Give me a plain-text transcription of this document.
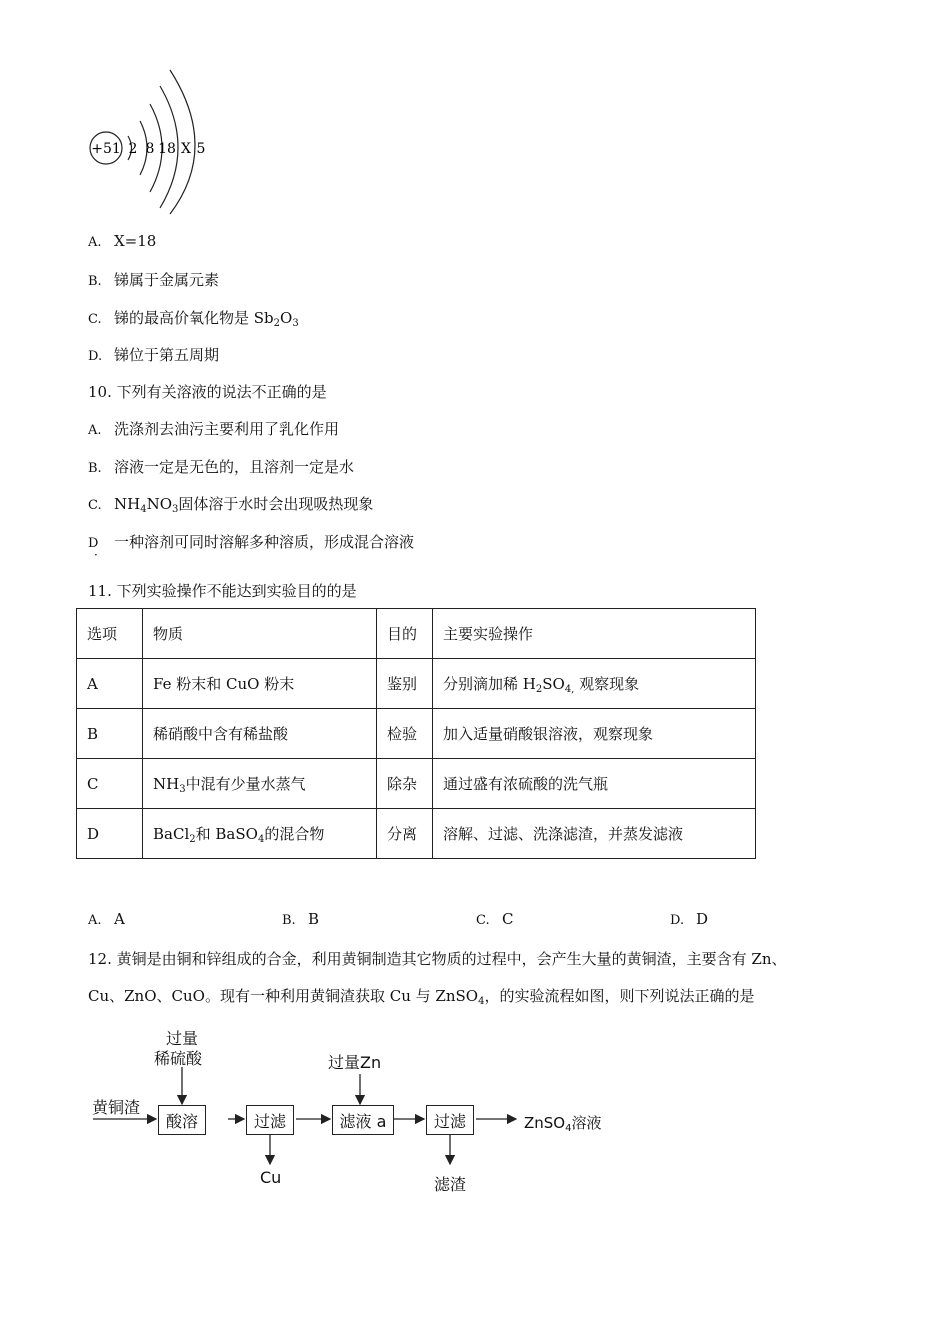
+51 2 8 18 X 5
A. X=18
B. 锑属于金属元素
C. 锑的最高价氧化物是 $Sb_2O_3$
D. 锑位于第五周期
10. 下列有关溶液的说法不正确的是
A. 洗涤剂去油污主要利用了乳化作用
B. 溶液一定是无色的，且溶剂一定是水
C. $NH_4NO_3$固体溶于水时会出现吸热现象
D 一种溶剂可同时溶解多种溶质，形成混合溶液
·
11. 下列实验操作不能达到实验目的的是
选项	物质	目的	主要实验操作
A	Fe 粉末和 CuO 粉末	鉴别	分别滴加稀 $H_2SO_{4,}$ 观察现象
B	稀硝酸中含有稀盐酸	检验	加入适量硝酸银溶液，观察现象
C	$NH_3$中混有少量水蒸气	除杂	通过盛有浓硫酸的洗气瓶
D	BaCl$_2$和 BaSO$_4$的混合物	分离	溶解、过滤、洗涤滤渣，并蒸发滤液
A. A	B. B	C. C	D. D
12. 黄铜是由铜和锌组成的合金，利用黄铜制造其它物质的过程中，会产生大量的黄铜渣，主要含有 Zn、
Cu、ZnO、CuO。现有一种利用黄铜渣获取 Cu 与 ZnSO$_4$，的实验流程如图，则下列说法正确的是
过量
稀硫酸	过量Zn
黄铜渣
酸溶	过滤	滤液 a	过滤	ZnSO$_4$溶液
Cu	滤渣
